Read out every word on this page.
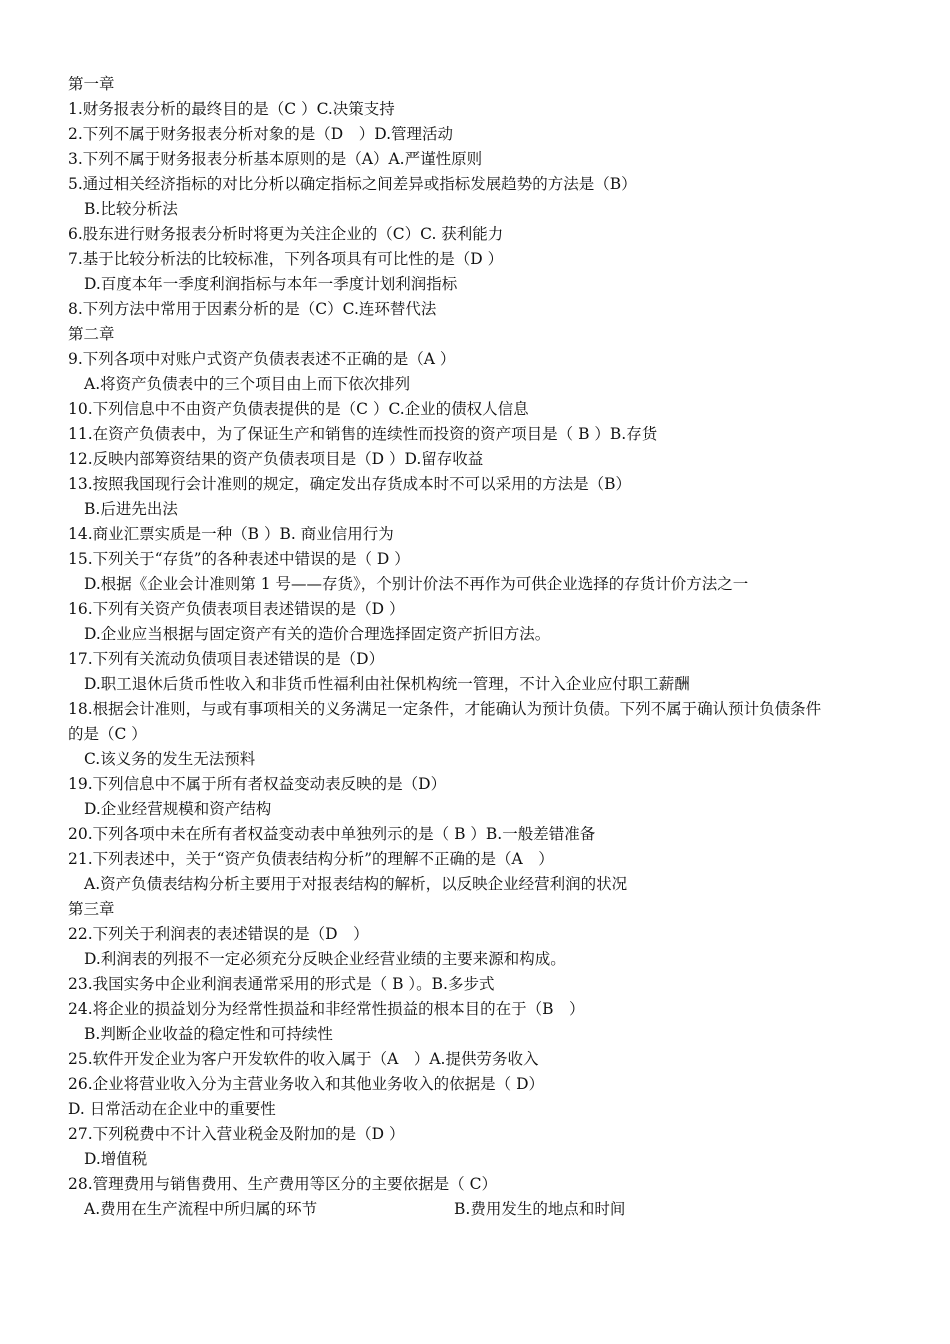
第一章
1.财务报表分析的最终目的是（C ）C.决策支持
2.下列不属于财务报表分析对象的是（D　）D.管理活动
3.下列不属于财务报表分析基本原则的是（A）A.严谨性原则
5.通过相关经济指标的对比分析以确定指标之间差异或指标发展趋势的方法是（B）
B.比较分析法
6.股东进行财务报表分析时将更为关注企业的（C）C. 获利能力
7.基于比较分析法的比较标准，下列各项具有可比性的是（D ）
D.百度本年一季度利润指标与本年一季度计划利润指标
8.下列方法中常用于因素分析的是（C）C.连环替代法
第二章
9.下列各项中对账户式资产负债表表述不正确的是（A ）
A.将资产负债表中的三个项目由上而下依次排列
10.下列信息中不由资产负债表提供的是（C ）C.企业的债权人信息
11.在资产负债表中，为了保证生产和销售的连续性而投资的资产项目是（ B ）B.存货
12.反映内部筹资结果的资产负债表项目是（D ）D.留存收益
13.按照我国现行会计准则的规定，确定发出存货成本时不可以采用的方法是（B）
B.后进先出法
14.商业汇票实质是一种（B ）B. 商业信用行为
15.下列关于“存货”的各种表述中错误的是（ D ）
D.根据《企业会计准则第 1 号——存货》，个别计价法不再作为可供企业选择的存货计价方法之一
16.下列有关资产负债表项目表述错误的是（D ）
D.企业应当根据与固定资产有关的造价合理选择固定资产折旧方法。
17.下列有关流动负债项目表述错误的是（D）
D.职工退休后货币性收入和非货币性福利由社保机构统一管理，不计入企业应付职工薪酬
18.根据会计准则，与或有事项相关的义务满足一定条件，才能确认为预计负债。下列不属于确认预计负债条件
的是（C ）
C.该义务的发生无法预料
19.下列信息中不属于所有者权益变动表反映的是（D）
D.企业经营规模和资产结构
20.下列各项中未在所有者权益变动表中单独列示的是（ B ）B.一般差错准备
21.下列表述中，关于“资产负债表结构分析”的理解不正确的是（A　）
A.资产负债表结构分析主要用于对报表结构的解析，以反映企业经营利润的状况
第三章
22.下列关于利润表的表述错误的是（D　）
D.利润表的列报不一定必须充分反映企业经营业绩的主要来源和构成。
23.我国实务中企业利润表通常采用的形式是（ B ）。B.多步式
24.将企业的损益划分为经常性损益和非经常性损益的根本目的在于（B　）
B.判断企业收益的稳定性和可持续性
25.软件开发企业为客户开发软件的收入属于（A　）A.提供劳务收入
26.企业将营业收入分为主营业务收入和其他业务收入的依据是（ D）
D. 日常活动在企业中的重要性
27.下列税费中不计入营业税金及附加的是（D ）
D.增值税
28.管理费用与销售费用、生产费用等区分的主要依据是（ C）
A.费用在生产流程中所归属的环节	B.费用发生的地点和时间
